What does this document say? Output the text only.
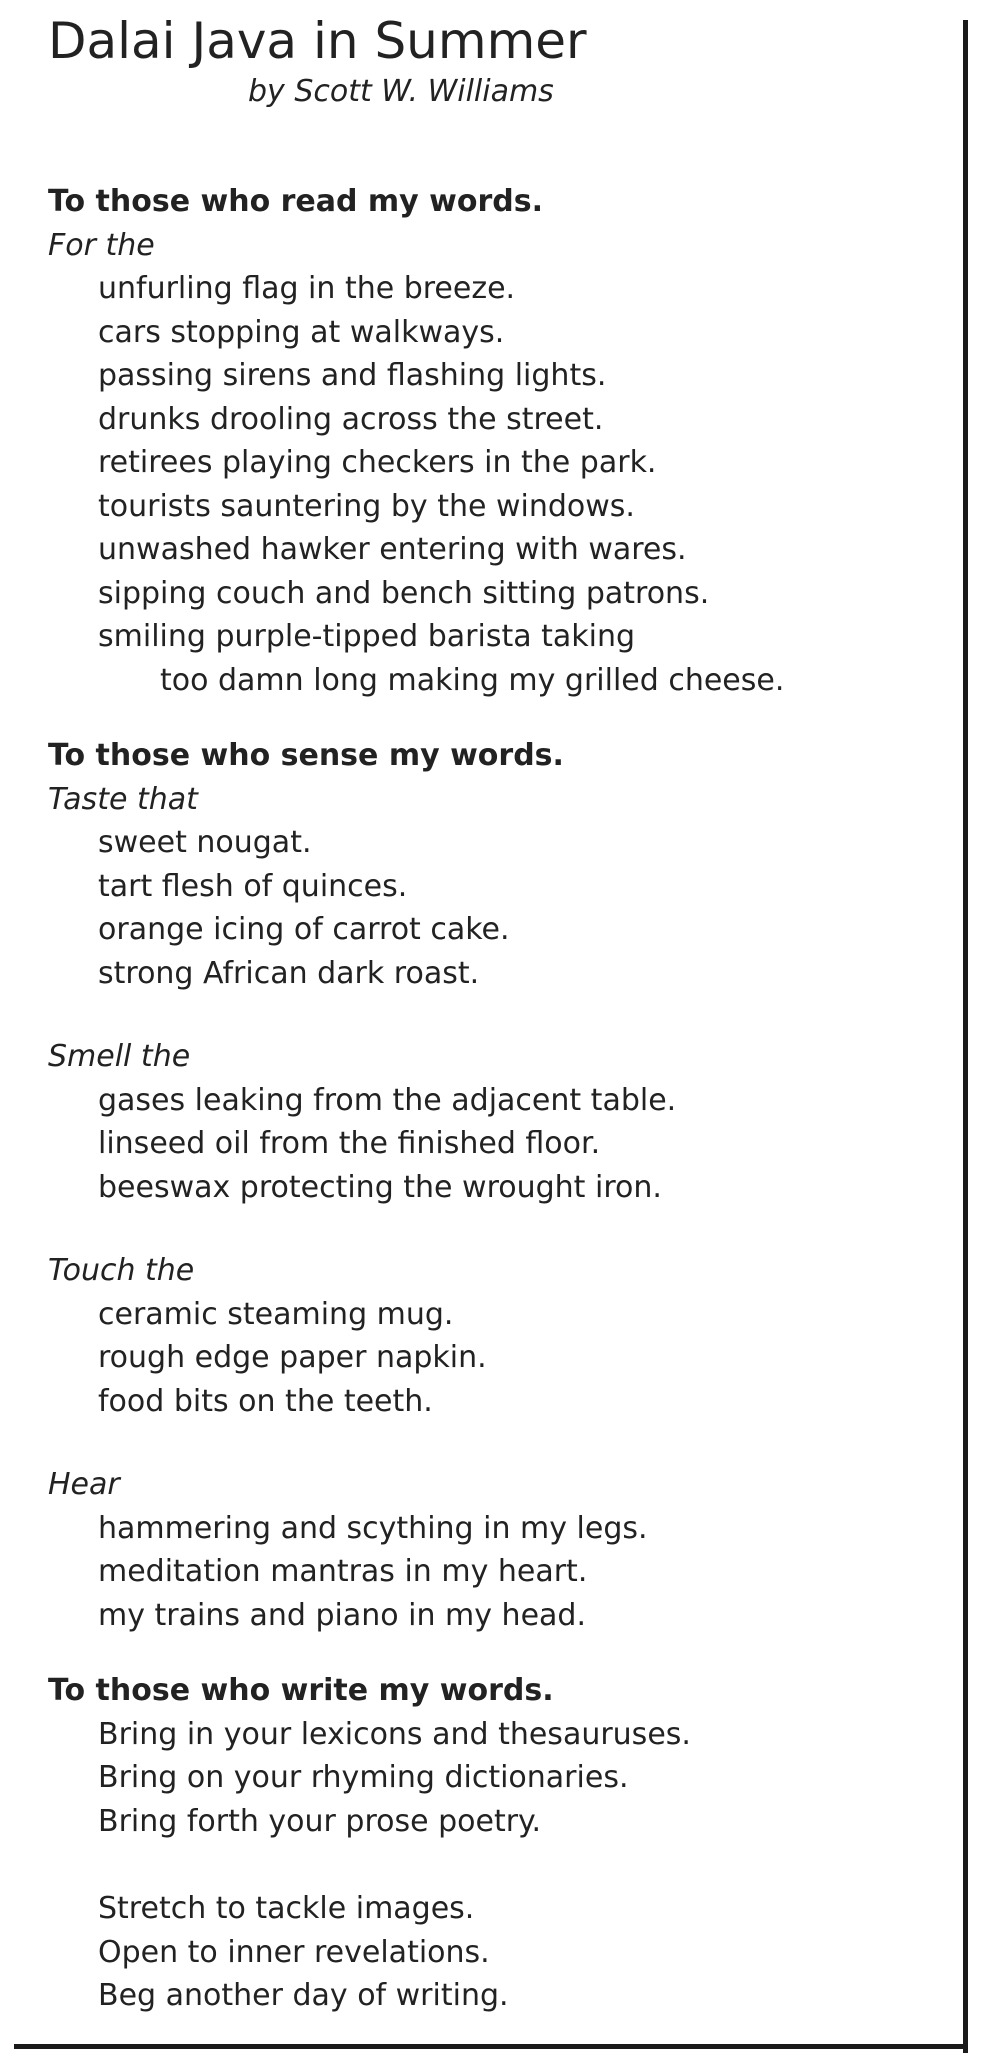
Dalai Java in Summer
by Scott W. Williams
To those who read my words.
For the
unfurling flag in the breeze.
cars stopping at walkways.
passing sirens and flashing lights.
drunks drooling across the street.
retirees playing checkers in the park.
tourists sauntering by the windows.
unwashed hawker entering with wares.
sipping couch and bench sitting patrons.
smiling purple-tipped barista taking
too damn long making my grilled cheese.
To those who sense my words.
Taste that
sweet nougat.
tart flesh of quinces.
orange icing of carrot cake.
strong African dark roast.
Smell the
gases leaking from the adjacent table.
linseed oil from the finished floor.
beeswax protecting the wrought iron.
Touch the
ceramic steaming mug.
rough edge paper napkin.
food bits on the teeth.
Hear
hammering and scything in my legs.
meditation mantras in my heart.
my trains and piano in my head.
To those who write my words.
Bring in your lexicons and thesauruses.
Bring on your rhyming dictionaries.
Bring forth your prose poetry.
Stretch to tackle images.
Open to inner revelations.
Beg another day of writing.
